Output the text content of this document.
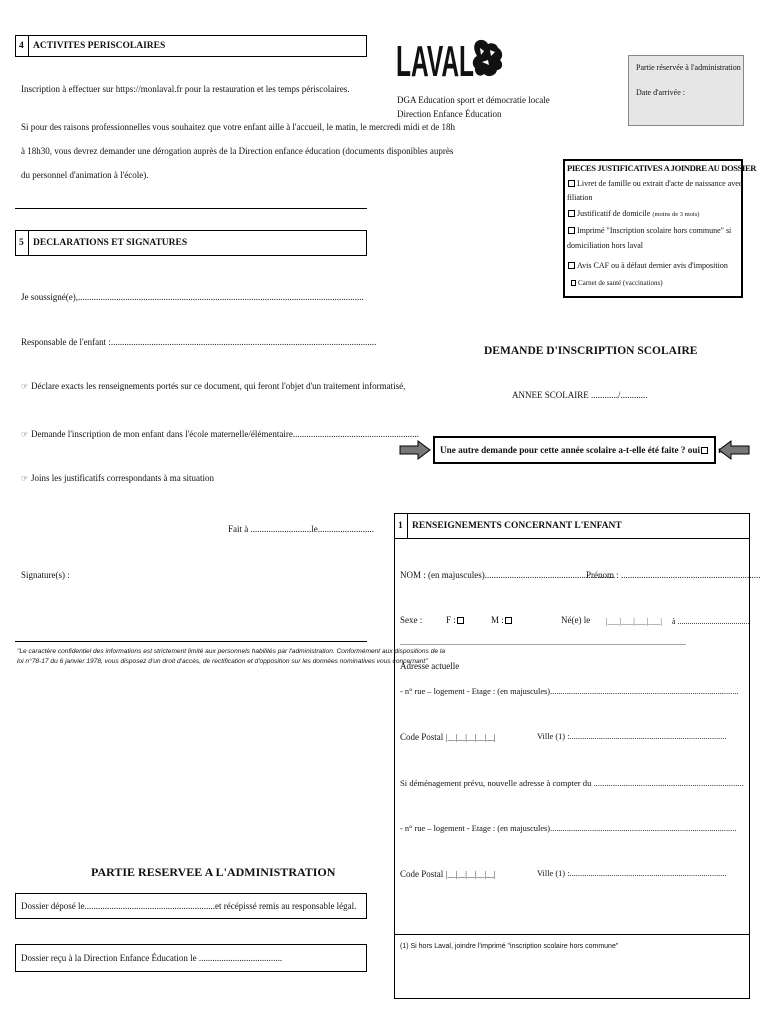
4 ACTIVITES PERISCOLAIRES
Inscription à effectuer sur https://monlaval.fr pour la restauration et les temps périscolaires.
Si pour des raisons professionnelles vous souhaitez que votre enfant aille à l'accueil, le matin, le mercredi midi et de 18h
à 18h30, vous devrez demander une dérogation auprès de la Direction enfance éducation (documents disponibles auprès
du personnel d'animation à l'école).
5 DECLARATIONS ET SIGNATURES
Je soussigné(e),...............................................................................................................................
Responsable de l'enfant :......................................................................................................................
☞ Déclare exacts les renseignements portés sur ce document, qui feront l'objet d'un traitement informatisé,
☞ Demande l'inscription de mon enfant dans l'école maternelle/élémentaire........................................................
☞ Joins les justificatifs correspondants à ma situation
Fait à ...........................le.........................
Signature(s) :
"Le caractère confidentiel des informations est strictement limité aux personnels habilités par l'administration. Conformément aux dispositions de la
loi n°78-17 du 6 janvier 1978, vous disposez d'un droit d'accès, de rectification et d'opposition sur les données nominatives vous concernant"
PARTIE RESERVEE A L'ADMINISTRATION
Dossier déposé le..........................................................et récépissé remis au responsable légal.
Dossier reçu à la Direction Enfance Éducation le .....................................
LAVAL
DGA Education sport et démocratie locale
Direction Enfance Éducation
Partie réservée à l'administration
Date d'arrivée :
PIECES JUSTIFICATIVES A JOINDRE AU DOSSIER
Livret de famille ou extrait d'acte de naissance avec
filiation
Justificatif de domicile (moins de 3 mois)
Imprimé "Inscription scolaire hors commune" si
domiciliation hors laval
Avis CAF ou à défaut dernier avis d'imposition
Carnet de santé (vaccinations)
DEMANDE D'INSCRIPTION SCOLAIRE
ANNEE SCOLAIRE ............/............
Une autre demande pour cette année scolaire a-t-elle été faite ? oui
1 RENSEIGNEMENTS CONCERNANT L'ENFANT
NOM : (en majuscules)..........................................................
Prénom : ..............................................................
Sexe :	F :	M :	Né(e) le |___|___|___|___| à ....................................
...............................................................................................................................................
Adresse actuelle
- n° rue – logement - Etage : (en majuscules)..........................................................................................
Code Postal |__|__|__|__|__|	Ville (1) :...........................................................................
Si déménagement prévu, nouvelle adresse à compter du ......................................................................
- n° rue – logement - Etage : (en majuscules).........................................................................................
Code Postal |__|__|__|__|__|	Ville (1) :...........................................................................
(1) Si hors Laval, joindre l'imprimé "inscription scolaire hors commune"
